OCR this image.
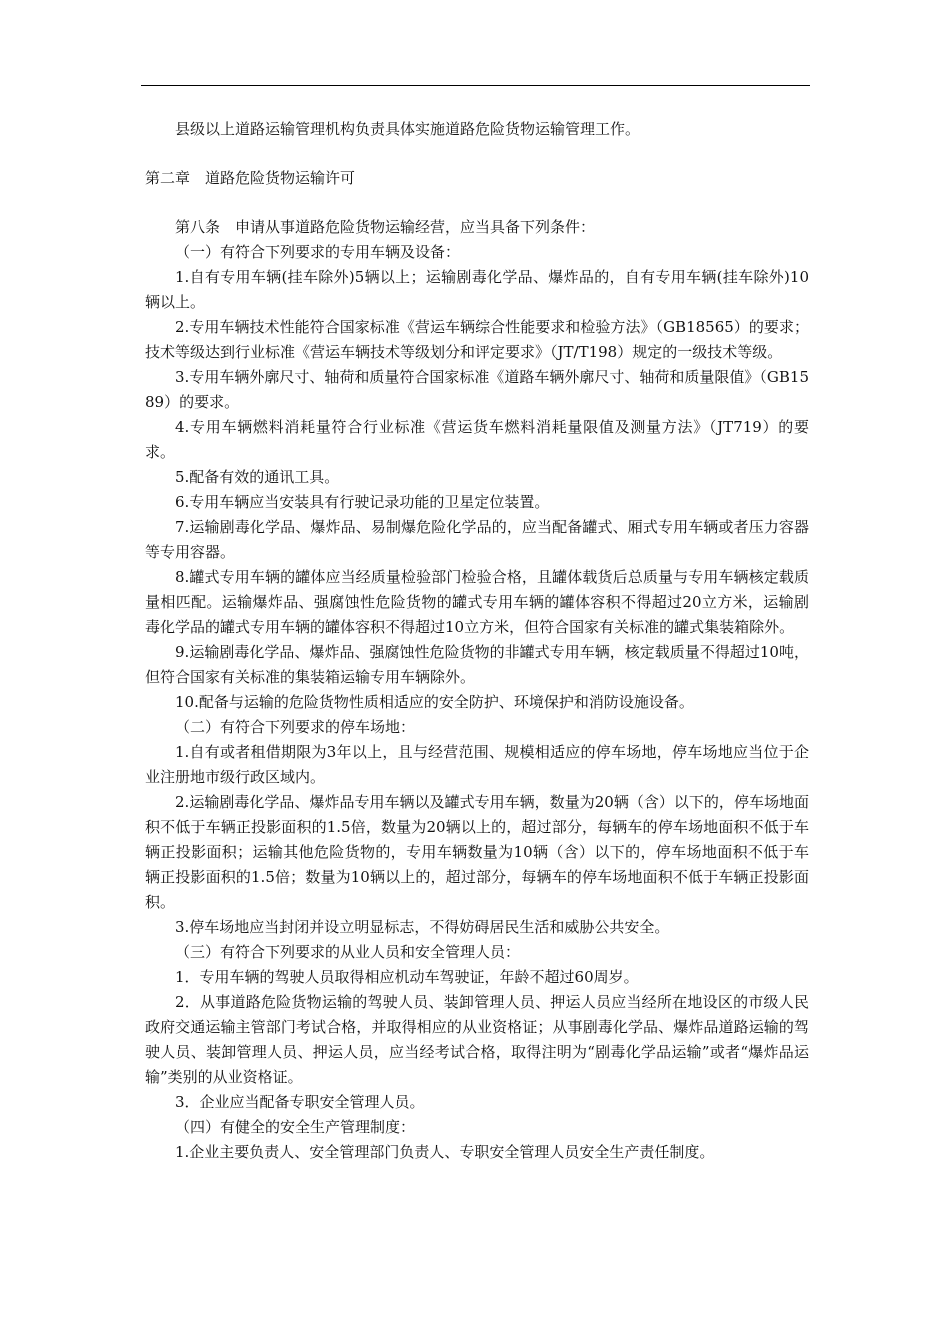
县级以上道路运输管理机构负责具体实施道路危险货物运输管理工作。

第二章　道路危险货物运输许可

第八条　申请从事道路危险货物运输经营，应当具备下列条件：

（一）有符合下列要求的专用车辆及设备：

1.自有专用车辆(挂车除外)5辆以上；运输剧毒化学品、爆炸品的，自有专用车辆(挂车除外)10辆以上。

2.专用车辆技术性能符合国家标准《营运车辆综合性能要求和检验方法》（GB18565）的要求；技术等级达到行业标准《营运车辆技术等级划分和评定要求》（JT/T198）规定的一级技术等级。

3.专用车辆外廓尺寸、轴荷和质量符合国家标准《道路车辆外廓尺寸、轴荷和质量限值》（GB1589）的要求。

4.专用车辆燃料消耗量符合行业标准《营运货车燃料消耗量限值及测量方法》（JT719）的要求。

5.配备有效的通讯工具。

6.专用车辆应当安装具有行驶记录功能的卫星定位装置。

7.运输剧毒化学品、爆炸品、易制爆危险化学品的，应当配备罐式、厢式专用车辆或者压力容器等专用容器。

8.罐式专用车辆的罐体应当经质量检验部门检验合格，且罐体载货后总质量与专用车辆核定载质量相匹配。运输爆炸品、强腐蚀性危险货物的罐式专用车辆的罐体容积不得超过20立方米，运输剧毒化学品的罐式专用车辆的罐体容积不得超过10立方米，但符合国家有关标准的罐式集装箱除外。

9.运输剧毒化学品、爆炸品、强腐蚀性危险货物的非罐式专用车辆，核定载质量不得超过10吨，但符合国家有关标准的集装箱运输专用车辆除外。

10.配备与运输的危险货物性质相适应的安全防护、环境保护和消防设施设备。

（二）有符合下列要求的停车场地：

1.自有或者租借期限为3年以上，且与经营范围、规模相适应的停车场地，停车场地应当位于企业注册地市级行政区域内。

2.运输剧毒化学品、爆炸品专用车辆以及罐式专用车辆，数量为20辆（含）以下的，停车场地面积不低于车辆正投影面积的1.5倍，数量为20辆以上的，超过部分，每辆车的停车场地面积不低于车辆正投影面积；运输其他危险货物的，专用车辆数量为10辆（含）以下的，停车场地面积不低于车辆正投影面积的1.5倍；数量为10辆以上的，超过部分，每辆车的停车场地面积不低于车辆正投影面积。

3.停车场地应当封闭并设立明显标志，不得妨碍居民生活和威胁公共安全。

（三）有符合下列要求的从业人员和安全管理人员：

1．专用车辆的驾驶人员取得相应机动车驾驶证，年龄不超过60周岁。

2．从事道路危险货物运输的驾驶人员、装卸管理人员、押运人员应当经所在地设区的市级人民政府交通运输主管部门考试合格，并取得相应的从业资格证；从事剧毒化学品、爆炸品道路运输的驾驶人员、装卸管理人员、押运人员，应当经考试合格，取得注明为“剧毒化学品运输”或者“爆炸品运输”类别的从业资格证。

3．企业应当配备专职安全管理人员。

（四）有健全的安全生产管理制度：

1.企业主要负责人、安全管理部门负责人、专职安全管理人员安全生产责任制度。
